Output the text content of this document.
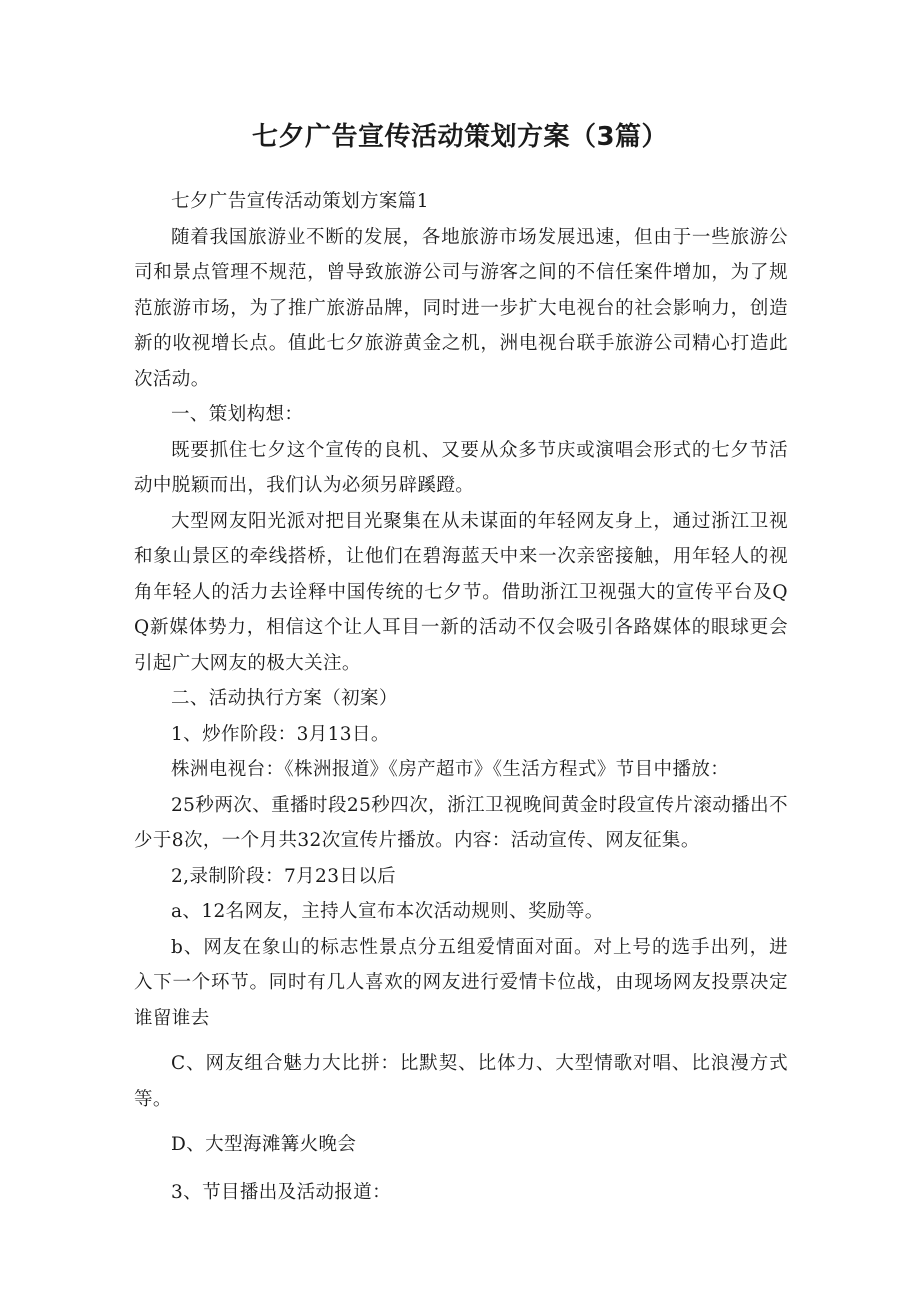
七夕广告宣传活动策划方案（3篇）

七夕广告宣传活动策划方案篇1

随着我国旅游业不断的发展，各地旅游市场发展迅速，但由于一些旅游公司和景点管理不规范，曾导致旅游公司与游客之间的不信任案件增加，为了规范旅游市场，为了推广旅游品牌，同时进一步扩大电视台的社会影响力，创造新的收视增长点。值此七夕旅游黄金之机，洲电视台联手旅游公司精心打造此次活动。

一、策划构想：

既要抓住七夕这个宣传的良机、又要从众多节庆或演唱会形式的七夕节活动中脱颖而出，我们认为必须另辟蹊蹬。

大型网友阳光派对把目光聚集在从未谋面的年轻网友身上，通过浙江卫视和象山景区的牵线搭桥，让他们在碧海蓝天中来一次亲密接触，用年轻人的视角年轻人的活力去诠释中国传统的七夕节。借助浙江卫视强大的宣传平台及QQ新媒体势力，相信这个让人耳目一新的活动不仅会吸引各路媒体的眼球更会引起广大网友的极大关注。

二、活动执行方案（初案）

1、炒作阶段：3月13日。

株洲电视台：《株洲报道》《房产超市》《生活方程式》节目中播放：

25秒两次、重播时段25秒四次，浙江卫视晚间黄金时段宣传片滚动播出不少于8次，一个月共32次宣传片播放。内容：活动宣传、网友征集。

2,录制阶段：7月23日以后

a、12名网友，主持人宣布本次活动规则、奖励等。

b、网友在象山的标志性景点分五组爱情面对面。对上号的选手出列，进入下一个环节。同时有几人喜欢的网友进行爱情卡位战，由现场网友投票决定谁留谁去

C、网友组合魅力大比拼：比默契、比体力、大型情歌对唱、比浪漫方式等。

D、大型海滩篝火晚会

3、节目播出及活动报道：
